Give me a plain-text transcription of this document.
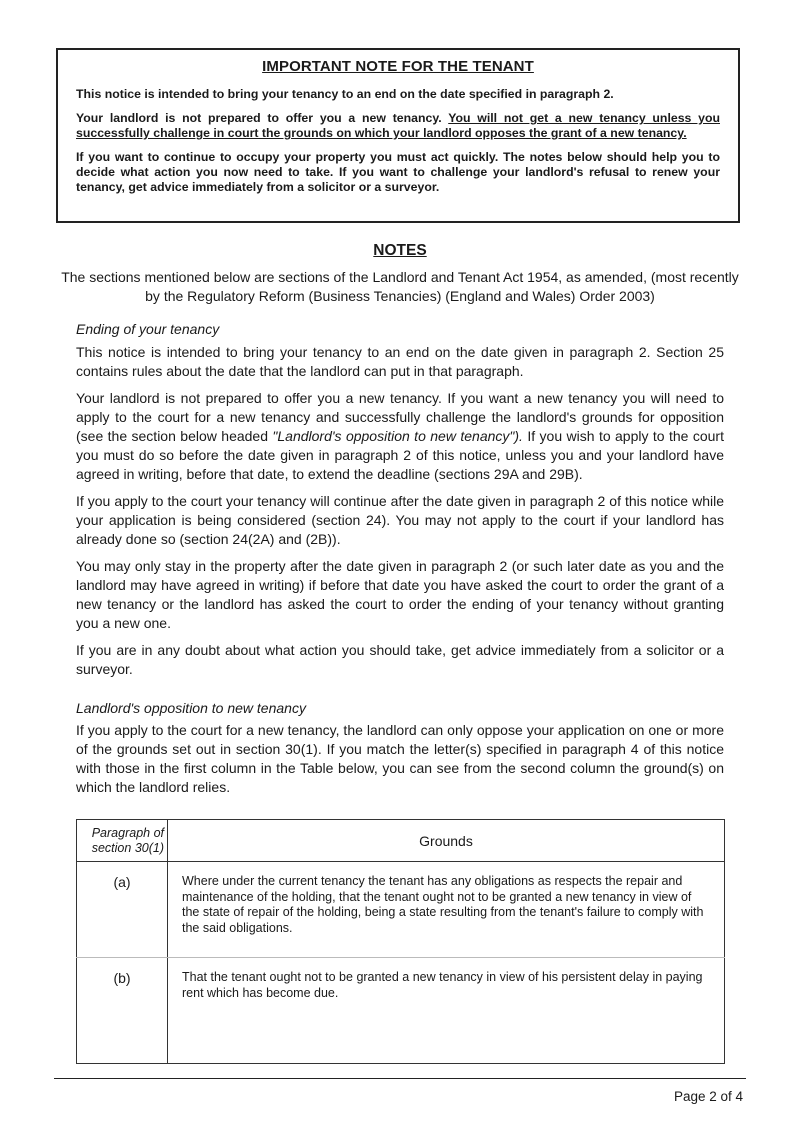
IMPORTANT NOTE FOR THE TENANT

This notice is intended to bring your tenancy to an end on the date specified in paragraph 2.

Your landlord is not prepared to offer you a new tenancy. You will not get a new tenancy unless you successfully challenge in court the grounds on which your landlord opposes the grant of a new tenancy.

If you want to continue to occupy your property you must act quickly. The notes below should help you to decide what action you now need to take. If you want to challenge your landlord's refusal to renew your tenancy, get advice immediately from a solicitor or a surveyor.

NOTES

The sections mentioned below are sections of the Landlord and Tenant Act 1954, as amended, (most recently by the Regulatory Reform (Business Tenancies) (England and Wales) Order 2003)

Ending of your tenancy

This notice is intended to bring your tenancy to an end on the date given in paragraph 2. Section 25 contains rules about the date that the landlord can put in that paragraph.

Your landlord is not prepared to offer you a new tenancy. If you want a new tenancy you will need to apply to the court for a new tenancy and successfully challenge the landlord's grounds for opposition (see the section below headed "Landlord's opposition to new tenancy"). If you wish to apply to the court you must do so before the date given in paragraph 2 of this notice, unless you and your landlord have agreed in writing, before that date, to extend the deadline (sections 29A and 29B).

If you apply to the court your tenancy will continue after the date given in paragraph 2 of this notice while your application is being considered (section 24). You may not apply to the court if your landlord has already done so (section 24(2A) and (2B)).

You may only stay in the property after the date given in paragraph 2 (or such later date as you and the landlord may have agreed in writing) if before that date you have asked the court to order the grant of a new tenancy or the landlord has asked the court to order the ending of your tenancy without granting you a new one.

If you are in any doubt about what action you should take, get advice immediately from a solicitor or a surveyor.

Landlord's opposition to new tenancy

If you apply to the court for a new tenancy, the landlord can only oppose your application on one or more of the grounds set out in section 30(1). If you match the letter(s) specified in paragraph 4 of this notice with those in the first column in the Table below, you can see from the second column the ground(s) on which the landlord relies.

Paragraph of section 30(1)	Grounds
(a)	Where under the current tenancy the tenant has any obligations as respects the repair and maintenance of the holding, that the tenant ought not to be granted a new tenancy in view of the state of repair of the holding, being a state resulting from the tenant's failure to comply with the said obligations.
(b)	That the tenant ought not to be granted a new tenancy in view of his persistent delay in paying rent which has become due.
Page 2 of 4
